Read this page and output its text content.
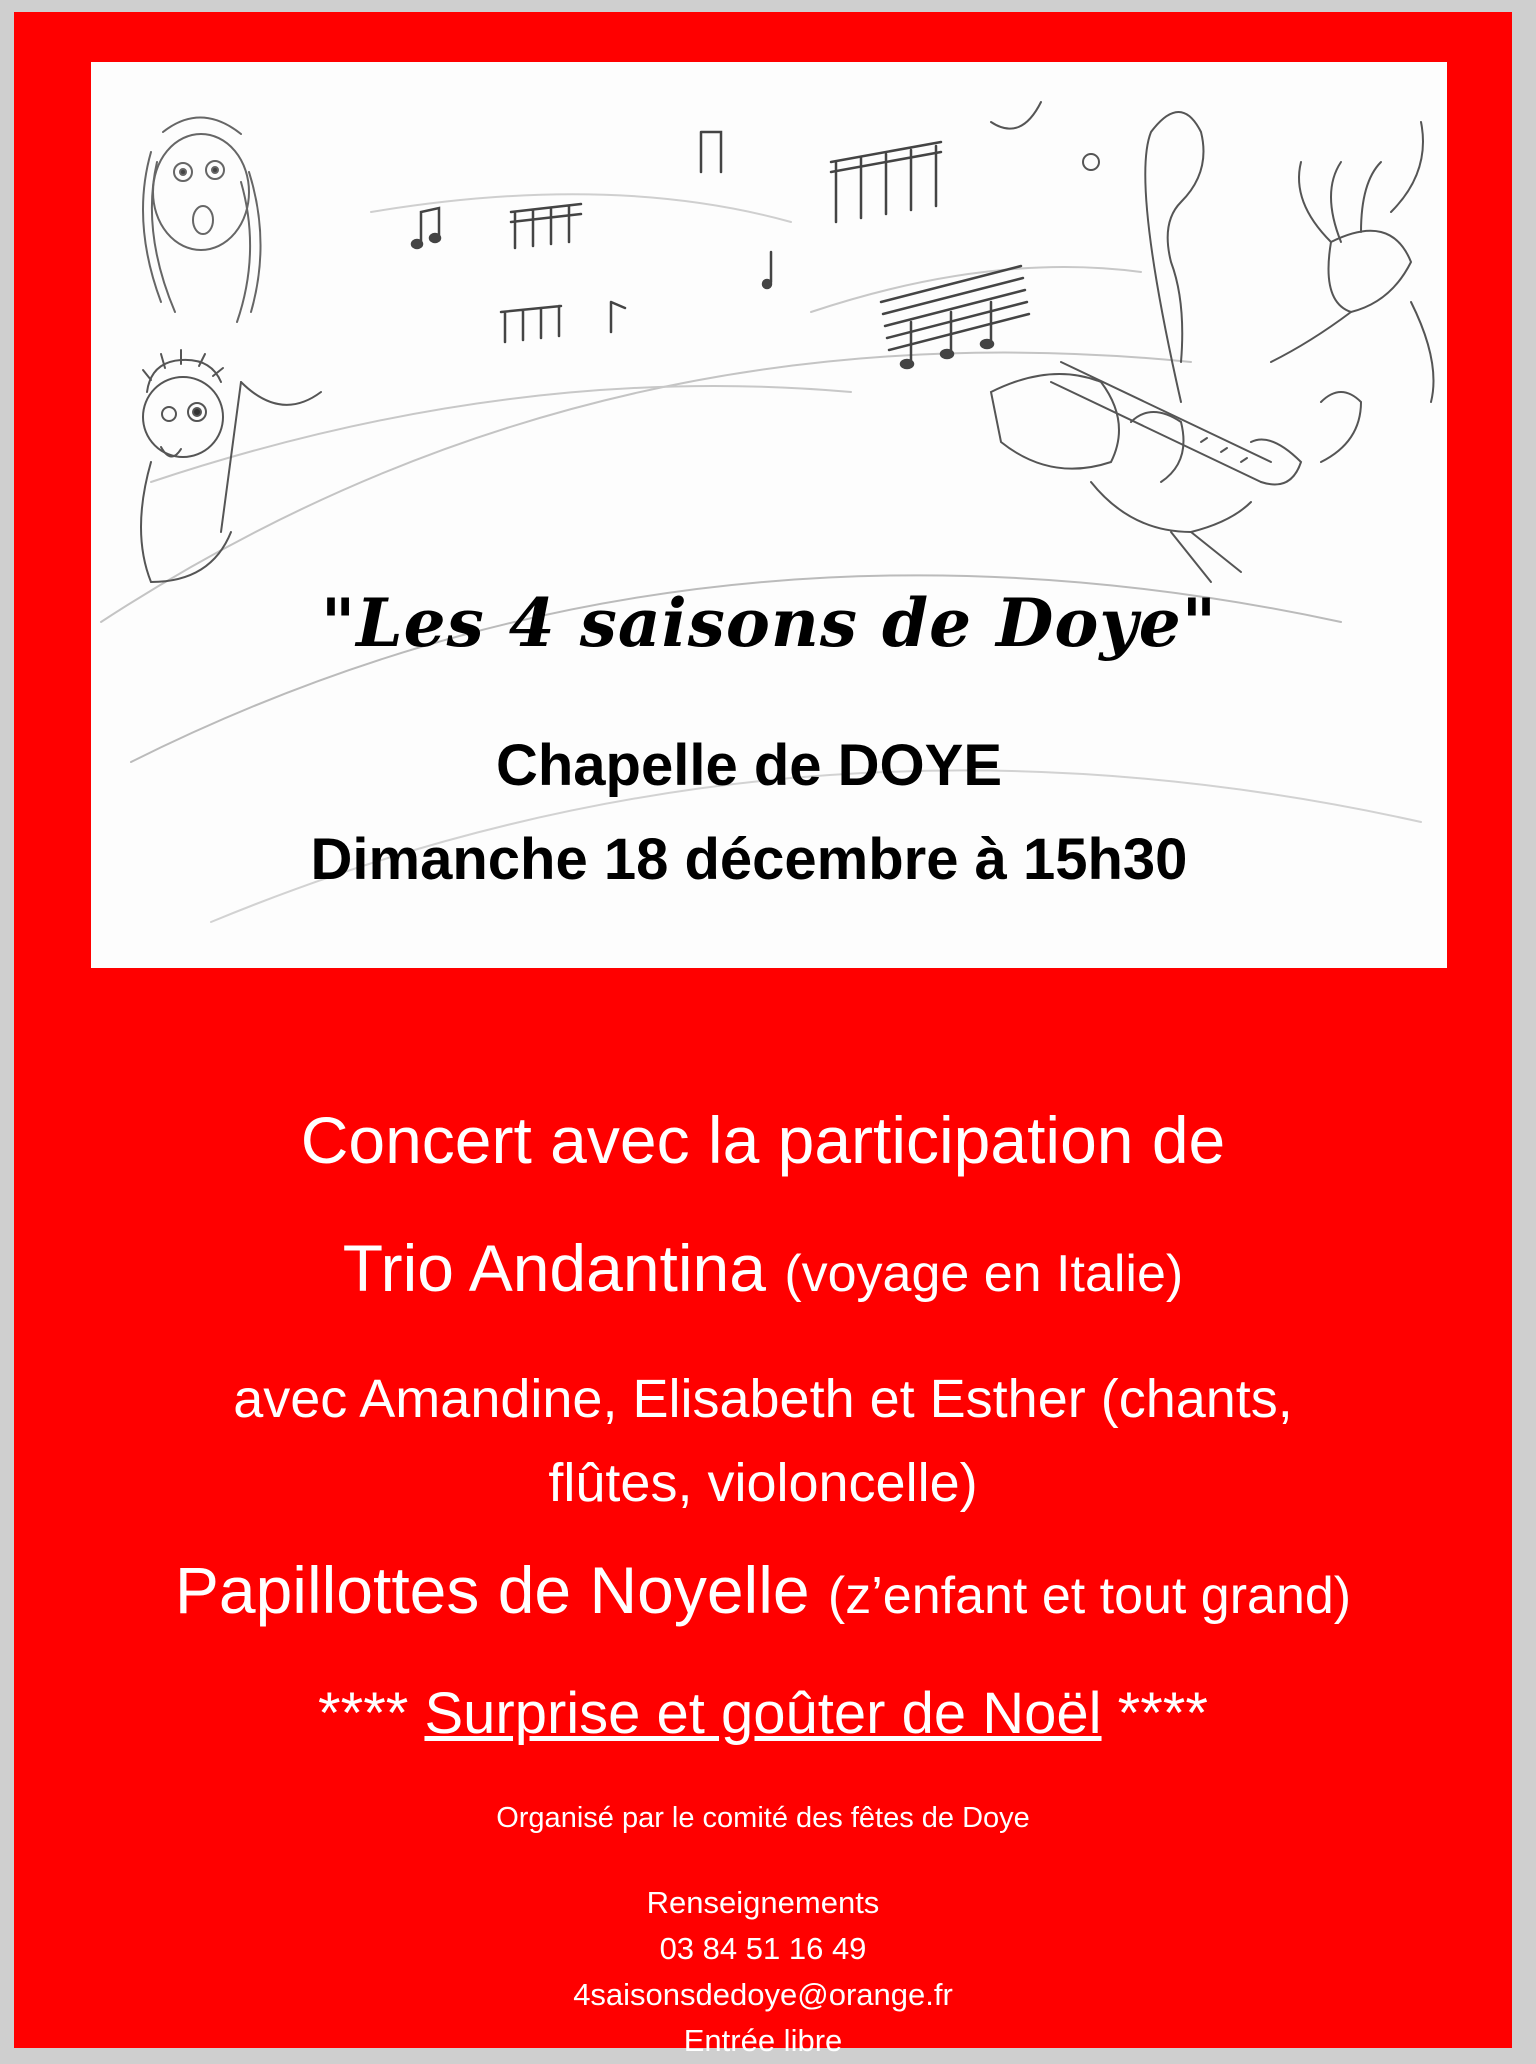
"Les 4 saisons de Doye"
Chapelle de DOYE
Dimanche 18 décembre à 15h30
Concert avec la participation de
Trio Andantina (voyage en Italie)
avec Amandine, Elisabeth et Esther (chants,
flûtes, violoncelle)
Papillottes de Noyelle (z’enfant et tout grand)
**** Surprise et goûter de Noël ****
Organisé par le comité des fêtes de Doye
Renseignements
03 84 51 16 49
4saisonsdedoye@orange.fr
Entrée libre
